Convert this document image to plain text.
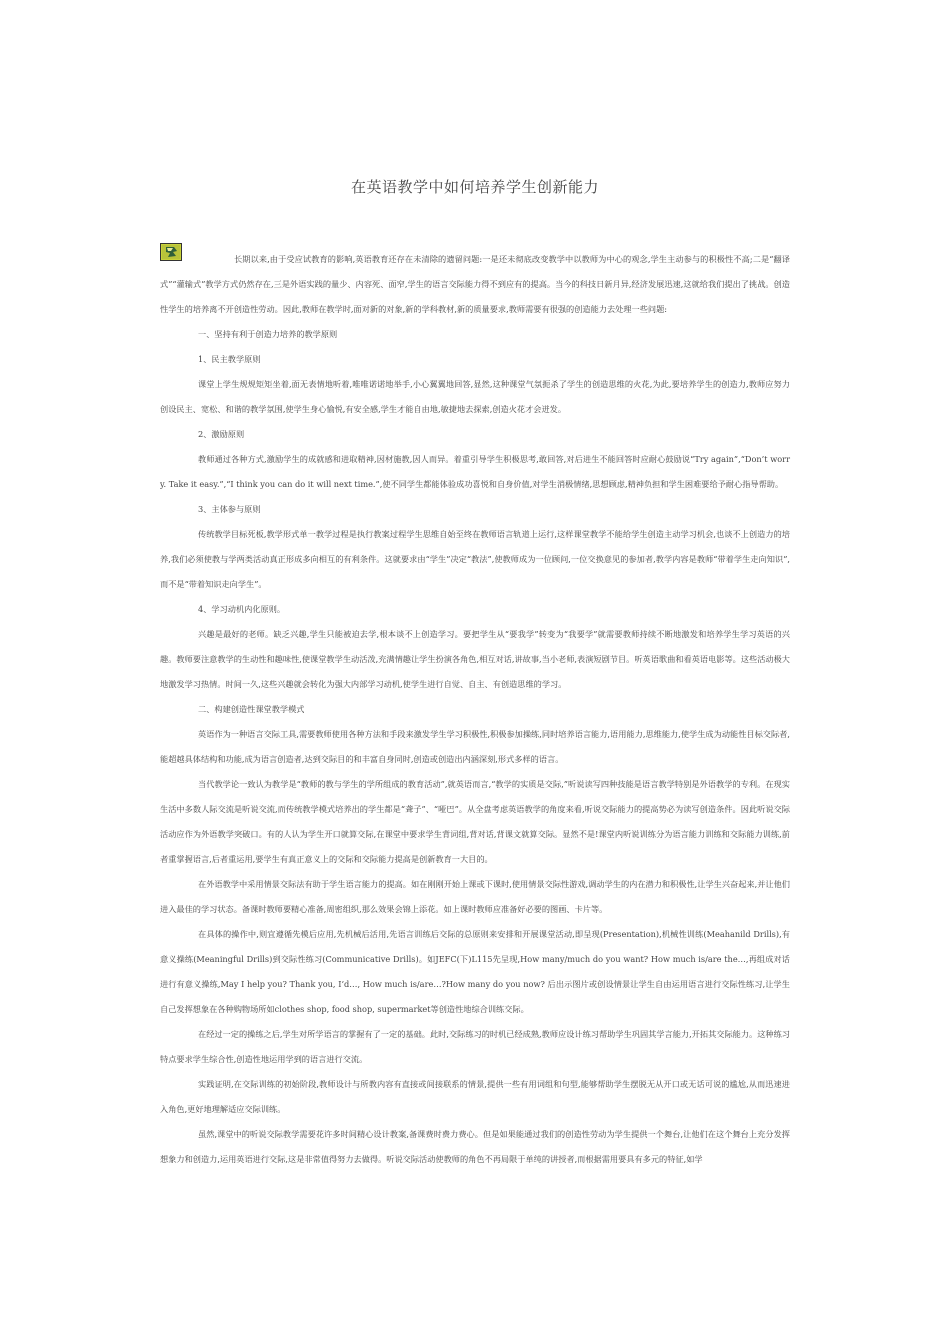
在英语教学中如何培养学生创新能力

长期以来,由于受应试教育的影响,英语教育还存在未清除的遗留问题:一是还未彻底改变教学中以教师为中心的观念,学生主动参与的积极性不高;二是“翻译式”“灌输式”教学方式仍然存在,三是外语实践的量少、内容死、面窄,学生的语言交际能力得不到应有的提高。当今的科技日新月异,经济发展迅速,这就给我们提出了挑战。创造性学生的培养离不开创造性劳动。因此,教师在教学时,面对新的对象,新的学科教材,新的质量要求,教师需要有很强的创造能力去处理一些问题:

一、坚持有利于创造力培养的教学原则

1、民主教学原则

课堂上学生规规矩矩坐着,面无表情地听着,唯唯诺诺地举手,小心翼翼地回答,显然,这种课堂气氛扼杀了学生的创造思维的火花,为此,要培养学生的创造力,教师应努力创设民主、宽松、和谐的教学氛围,使学生身心愉悦,有安全感,学生才能自由地,敏捷地去探索,创造火花才会迸发。

2、激励原则

教师通过各种方式,激励学生的成就感和进取精神,因材施教,因人而异。着重引导学生积极思考,敢回答,对后进生不能回答时应耐心鼓励说“Try again”,“Don’t worry. Take it easy.”,“I think you can do it will next time.”,使不同学生都能体验成功喜悦和自身价值,对学生消极情绪,思想顾虑,精神负担和学生困难要给予耐心指导帮助。

3、主体参与原则

传统教学目标死板,教学形式单一教学过程是执行教案过程学生思维自始至终在教师语言轨道上运行,这样课堂教学不能给学生创造主动学习机会,也谈不上创造力的培养,我们必须使教与学两类活动真正形成多向相互的有利条件。这就要求由“学生”决定“教法”,使教师成为一位顾问,一位交换意见的参加者,教学内容是教师“带着学生走向知识”,而不是“带着知识走向学生”。

4、学习动机内化原则。

兴趣是最好的老师。缺乏兴趣,学生只能被迫去学,根本谈不上创造学习。要把学生从“要我学”转变为“我要学”就需要教师持续不断地激发和培养学生学习英语的兴趣。教师要注意教学的生动性和趣味性,使课堂教学生动活泼,充满情趣让学生扮演各角色,相互对话,讲故事,当小老师,表演短剧节目。听英语歌曲和看英语电影等。这些活动极大地激发学习热情。时间一久,这些兴趣就会转化为强大内部学习动机,使学生进行自觉、自主、有创造思维的学习。

二、构建创造性课堂教学模式

英语作为一种语言交际工具,需要教师使用各种方法和手段来激发学生学习积极性,积极参加操练,同时培养语言能力,语用能力,思维能力,使学生成为动能性目标交际者,能超越具体结构和功能,成为语言创造者,达到交际目的和丰富自身同时,创造或创造出内涵深刻,形式多样的语言。

当代教学论一致认为教学是“教师的教与学生的学所组成的教育活动”,就英语而言,“教学的实质是交际,”听说读写四种技能是语言教学特别是外语教学的专利。在现实生活中多数人际交流是听说交流,而传统教学模式培养出的学生都是“聋子”、“哑巴”。从全盘考虑英语教学的角度来看,听说交际能力的提高势必为读写创造条件。因此听说交际活动应作为外语教学突破口。有的人认为学生开口就算交际,在课堂中要求学生背词组,背对话,背课文就算交际。显然不是!课堂内听说训练分为语言能力训练和交际能力训练,前者重掌握语言,后者重运用,要学生有真正意义上的交际和交际能力提高是创新教育一大目的。

在外语教学中采用情景交际法有助于学生语言能力的提高。如在刚刚开始上课或下课时,使用情景交际性游戏,调动学生的内在潜力和积极性,让学生兴奋起来,并让他们进入最佳的学习状态。备课时教师要精心准备,周密组织,那么效果会锦上添花。如上课时教师应准备好必要的图画、卡片等。

在具体的操作中,则宜遵循先模后应用,先机械后活用,先语言训练后交际的总原则来安排和开展课堂活动,即呈现(Presentation),机械性训练(Meahanild Drills),有意义操练(Meaningful Drills)到交际性练习(Communicative Drills)。如JEFC(下)L115先呈现,How many/much do you want? How much is/are the…,再组成对话进行有意义操练,May I help you? Thank you, I’d…, How much is/are…?How many do you now? 后出示图片或创设情景让学生自由运用语言进行交际性练习,让学生自己发挥想象在各种购物场所如clothes shop, food shop, supermarket等创造性地综合训练交际。

在经过一定的操练之后,学生对所学语言的掌握有了一定的基础。此时,交际练习的时机已经成熟,教师应设计练习帮助学生巩固其学言能力,开拓其交际能力。这种练习特点要求学生综合性,创造性地运用学到的语言进行交流。

实践证明,在交际训练的初始阶段,教师设计与所教内容有直接或间接联系的情景,提供一些有用词组和句型,能够帮助学生摆脱无从开口或无话可说的尴尬,从而迅速进入角色,更好地理解适应交际训练。

虽然,课堂中的听说交际教学需要花许多时间精心设计教案,备课费时费力费心。但是如果能通过我们的创造性劳动为学生提供一个舞台,让他们在这个舞台上充分发挥想象力和创造力,运用英语进行交际,这是非常值得努力去做得。听说交际活动使教师的角色不再局限于单纯的讲授者,而根据需用要具有多元的特征,如学
